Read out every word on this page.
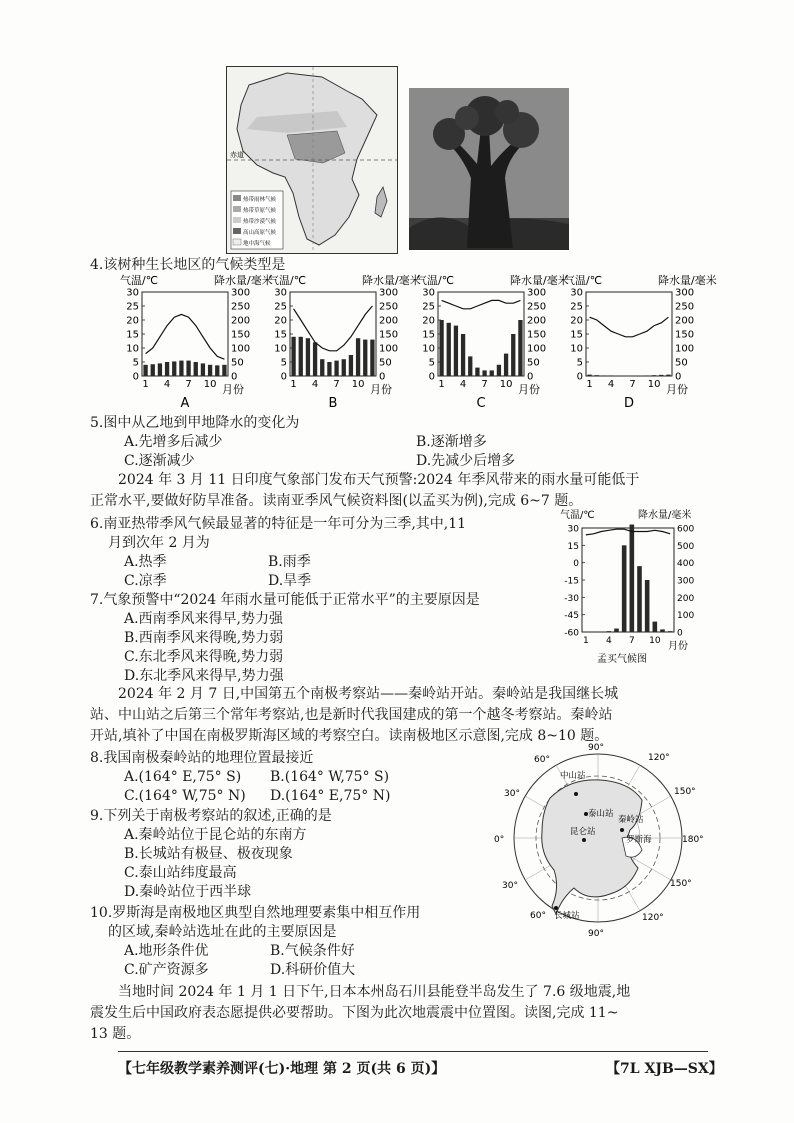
赤道
热带雨林气候
热带草原气候
热带沙漠气候
高山高原气候
地中海气候
4.该树种生长地区的气候类型是
气温/℃	降水量/毫米
30
25
20
15
10
5
0
300
250
200
150
100
50
0
1 4 7 10 月份
A
气温/℃	降水量/毫米
30
25
20
15
10
5
0
300
250
200
150
100
50
0
1 4 7 10 月份
B
气温/℃	降水量/毫米
30
25
20
15
10
5
0
300
250
200
150
100
50
0
1 4 7 10 月份
C
气温/℃	降水量/毫米
30
25
20
15
10
5
0
300
250
200
150
100
50
0
1 4 7 10 月份
D
5.图中从乙地到甲地降水的变化为
A.先增多后减少	B.逐渐增多
C.逐渐减少	D.先减少后增多
2024 年 3 月 11 日印度气象部门发布天气预警:2024 年季风带来的雨水量可能低于
正常水平,要做好防旱准备。读南亚季风气候资料图(以孟买为例),完成 6~7 题。
6.南亚热带季风气候最显著的特征是一年可分为三季,其中,11
月到次年 2 月为
A.热季	B.雨季
C.凉季	D.旱季
7.气象预警中“2024 年雨水量可能低于正常水平”的主要原因是
A.西南季风来得早,势力强
B.西南季风来得晚,势力弱
C.东北季风来得晚,势力弱
D.东北季风来得早,势力强
气温/℃	降水量/毫米
30
15
0
-15
-30
-45
-60
600
500
400
300
200
100
0
1 4 7 10 月份
孟买气候图
2024 年 2 月 7 日,中国第五个南极考察站——秦岭站开站。秦岭站是我国继长城
站、中山站之后第三个常年考察站,也是新时代我国建成的第一个越冬考察站。秦岭站
开站,填补了中国在南极罗斯海区域的考察空白。读南极地区示意图,完成 8~10 题。
8.我国南极秦岭站的地理位置最接近
A.(164° E,75° S) B.(164° W,75° S)
C.(164° W,75° N) D.(164° E,75° N)
9.下列关于南极考察站的叙述,正确的是
A.秦岭站位于昆仑站的东南方
B.长城站有极昼、极夜现象
C.泰山站纬度最高
D.秦岭站位于西半球
10.罗斯海是南极地区典型自然地理要素集中相互作用
的区域,秦岭站选址在此的主要原因是
A.地形条件优	B.气候条件好
C.矿产资源多	D.科研价值大
中山站
泰山站
昆仑站
秦岭站
罗斯海
长城站
90°
120°
150°
180°
150°
120°
90°
60°
30°
0°
30°
60°
当地时间 2024 年 1 月 1 日下午,日本本州岛石川县能登半岛发生了 7.6 级地震,地
震发生后中国政府表态愿提供必要帮助。下图为此次地震震中位置图。读图,完成 11~
13 题。
【七年级教学素养测评(七)·地理 第 2 页(共 6 页)】	【7L XJB—SX】
